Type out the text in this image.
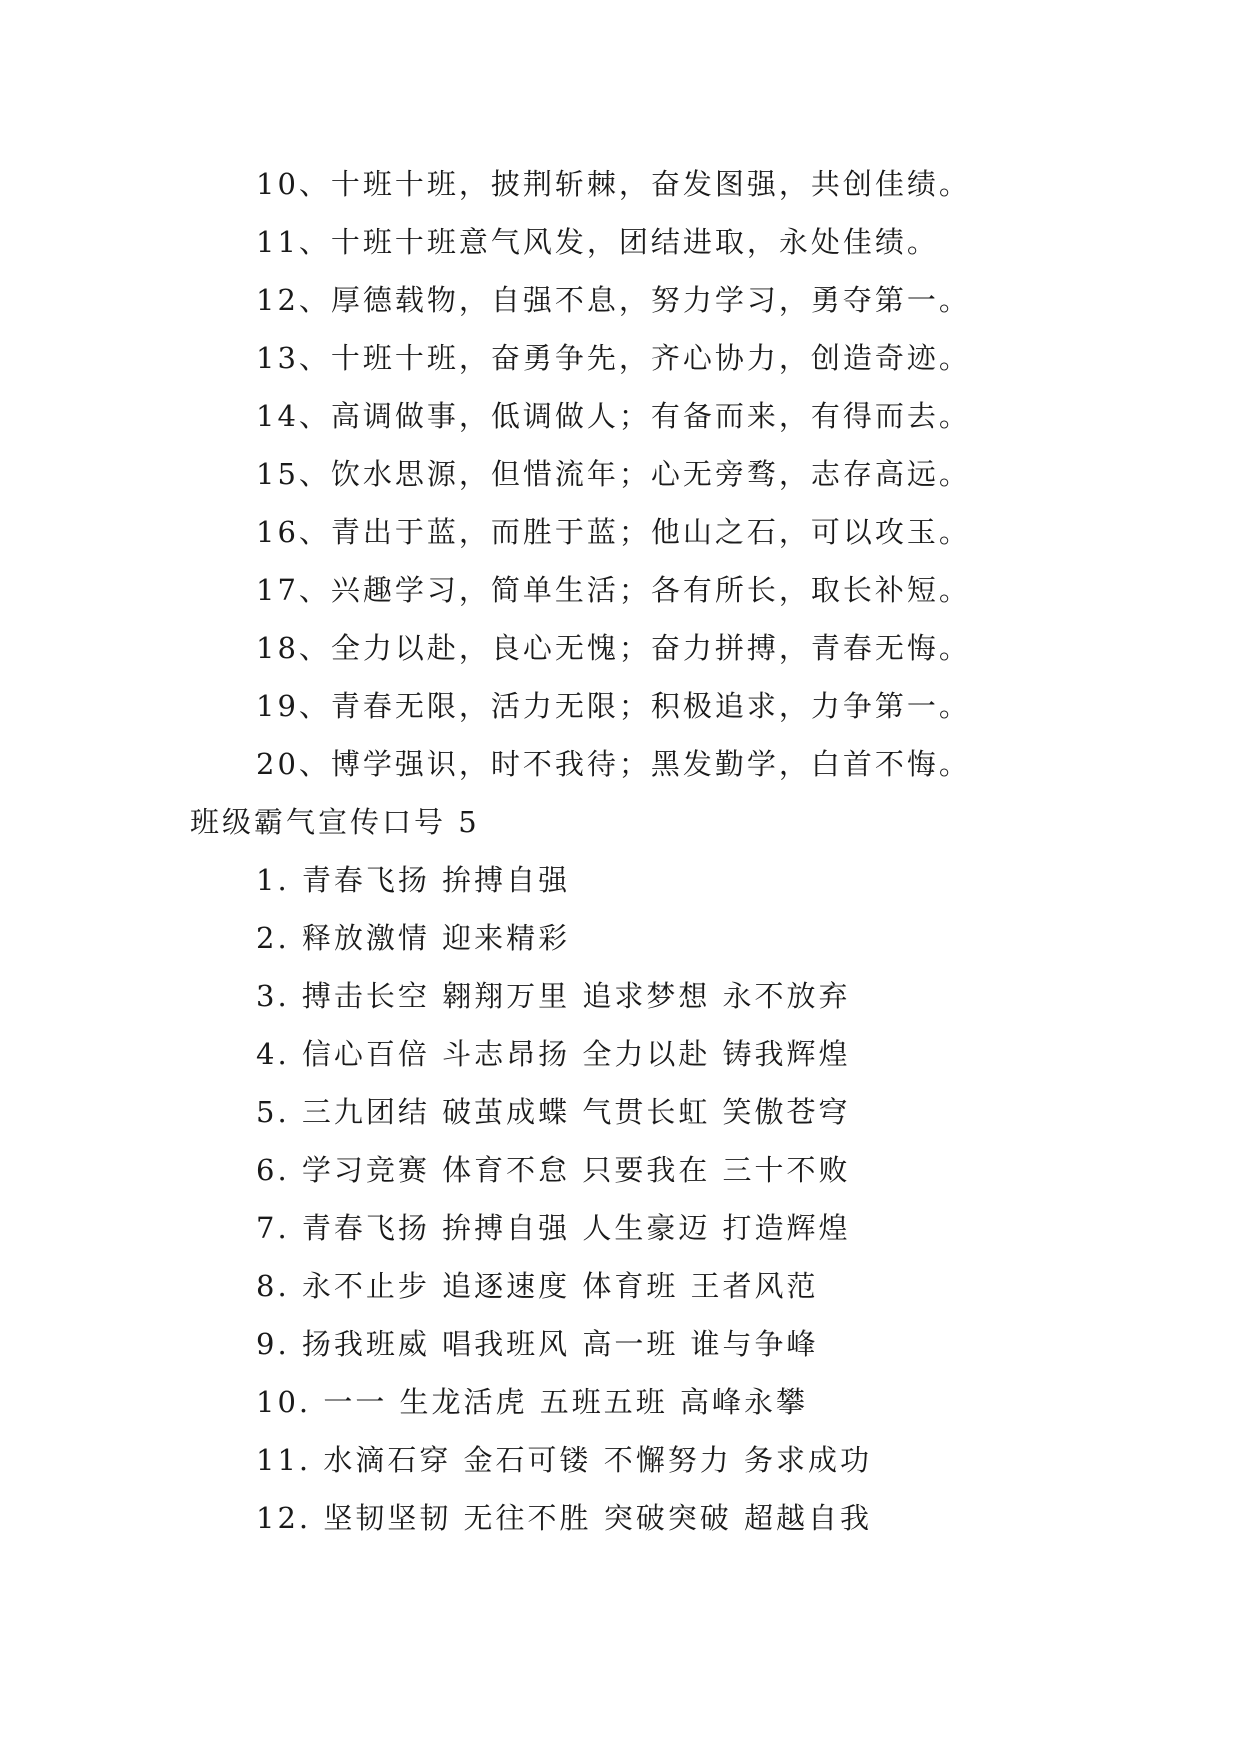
10、十班十班，披荆斩棘，奋发图强，共创佳绩。
11、十班十班意气风发，团结进取，永处佳绩。
12、厚德载物，自强不息，努力学习，勇夺第一。
13、十班十班，奋勇争先，齐心协力，创造奇迹。
14、高调做事，低调做人；有备而来，有得而去。
15、饮水思源，但惜流年；心无旁骛，志存高远。
16、青出于蓝，而胜于蓝；他山之石，可以攻玉。
17、兴趣学习，简单生活；各有所长，取长补短。
18、全力以赴，良心无愧；奋力拼搏，青春无悔。
19、青春无限，活力无限；积极追求，力争第一。
20、博学强识，时不我待；黑发勤学，白首不悔。
班级霸气宣传口号 5
1. 青春飞扬 拚搏自强
2. 释放激情 迎来精彩
3. 搏击长空 翱翔万里 追求梦想 永不放弃
4. 信心百倍 斗志昂扬 全力以赴 铸我辉煌
5. 三九团结 破茧成蝶 气贯长虹 笑傲苍穹
6. 学习竞赛 体育不怠 只要我在 三十不败
7. 青春飞扬 拚搏自强 人生豪迈 打造辉煌
8. 永不止步 追逐速度 体育班 王者风范
9. 扬我班威 唱我班风 高一班 谁与争峰
10. 一一 生龙活虎 五班五班 高峰永攀
11. 水滴石穿 金石可镂 不懈努力 务求成功
12. 坚韧坚韧 无往不胜 突破突破 超越自我
